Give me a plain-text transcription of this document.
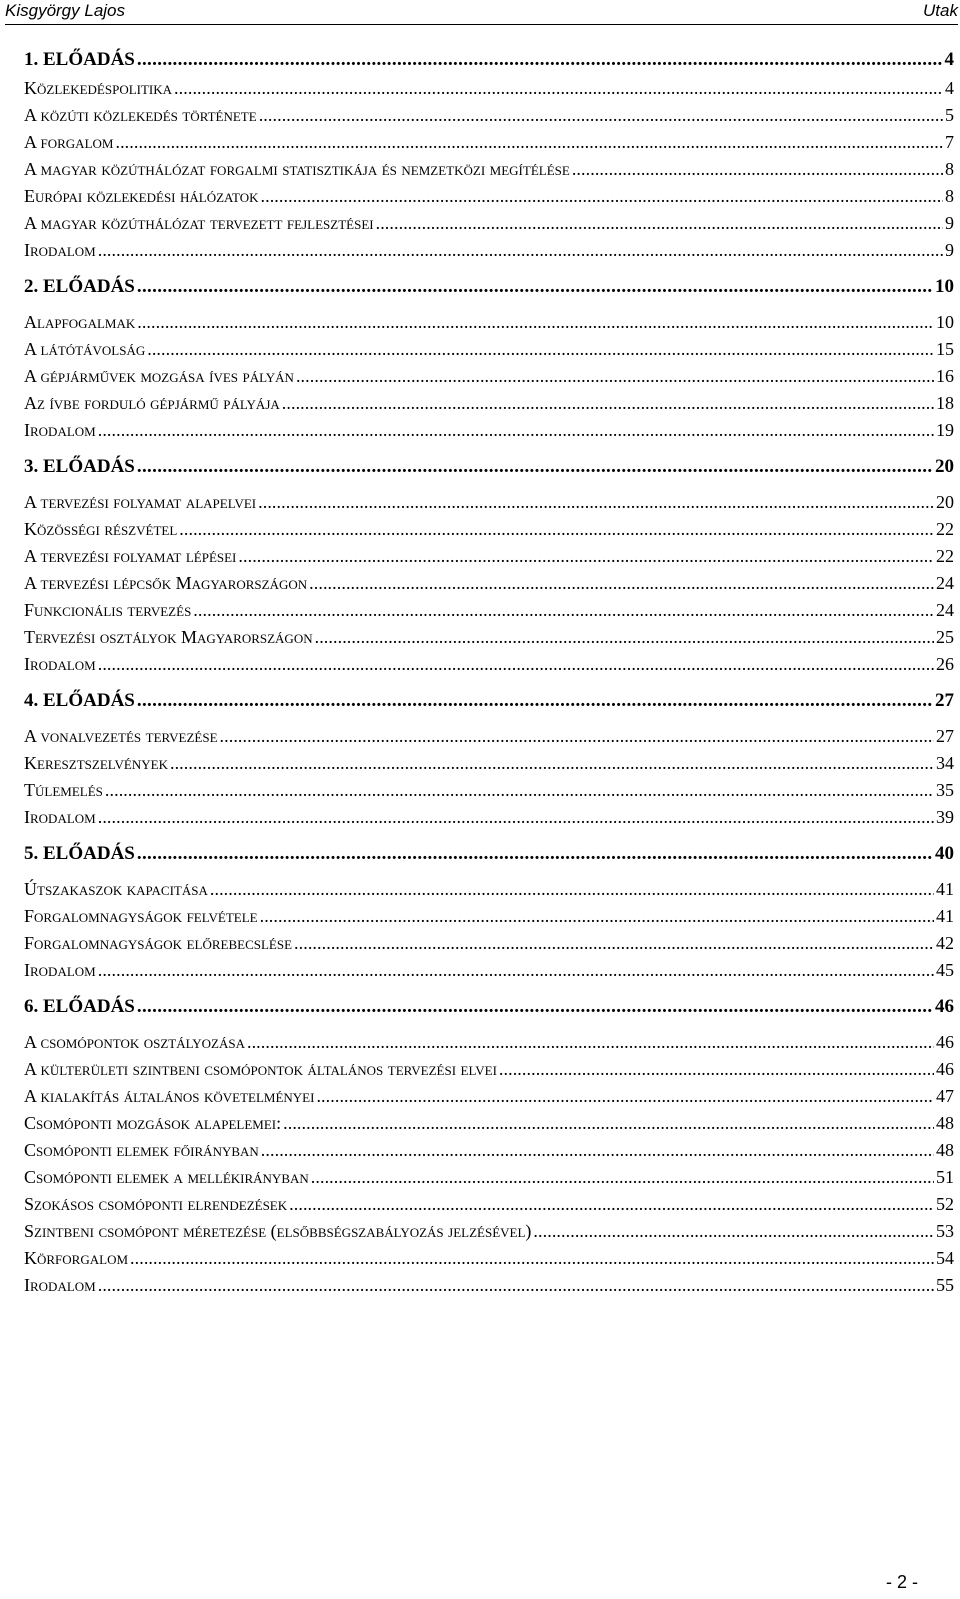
Kisgyörgy Lajos	Utak
1. ELŐADÁS . . .	4
Közlekedéspolitika . . .	4
A közúti közlekedés története . . .	5
A forgalom . . .	7
A magyar közúthálózat forgalmi statisztikája és nemzetközi megítélése . . .	8
Európai közlekedési hálózatok . . .	8
A magyar közúthálózat tervezett fejlesztései . . .	9
Irodalom . . .	9
2. ELŐADÁS . . .	10
Alapfogalmak . . .	10
A látótávolság . . .	15
A gépjárművek mozgása íves pályán . . .	16
Az ívbe forduló gépjármű pályája . . .	18
Irodalom . . .	19
3. ELŐADÁS . . .	20
A tervezési folyamat alapelvei . . .	20
Közösségi részvétel . . .	22
A tervezési folyamat lépései . . .	22
A tervezési lépcsők Magyarországon . . .	24
Funkcionális tervezés . . .	24
Tervezési osztályok Magyarországon . . .	25
Irodalom . . .	26
4. ELŐADÁS . . .	27
A vonalvezetés tervezése . . .	27
Keresztszelvények . . .	34
Túlemelés . . .	35
Irodalom . . .	39
5. ELŐADÁS . . .	40
Útszakaszok kapacitása . . .	41
Forgalomnagyságok felvétele . . .	41
Forgalomnagyságok előrebecslése . . .	42
Irodalom . . .	45
6. ELŐADÁS . . .	46
A csomópontok osztályozása . . .	46
A külterületi szintbeni csomópontok általános tervezési elvei . . .	46
A kialakítás általános követelményei . . .	47
Csomóponti mozgások alapelemei: . . .	48
Csomóponti elemek főirányban . . .	48
Csomóponti elemek a mellékirányban . . .	51
Szokásos csomóponti elrendezések . . .	52
Szintbeni csomópont méretezése (elsőbbségszabályozás jelzésével) . . .	53
Körforgalom . . .	54
Irodalom . . .	55
- 2 -
